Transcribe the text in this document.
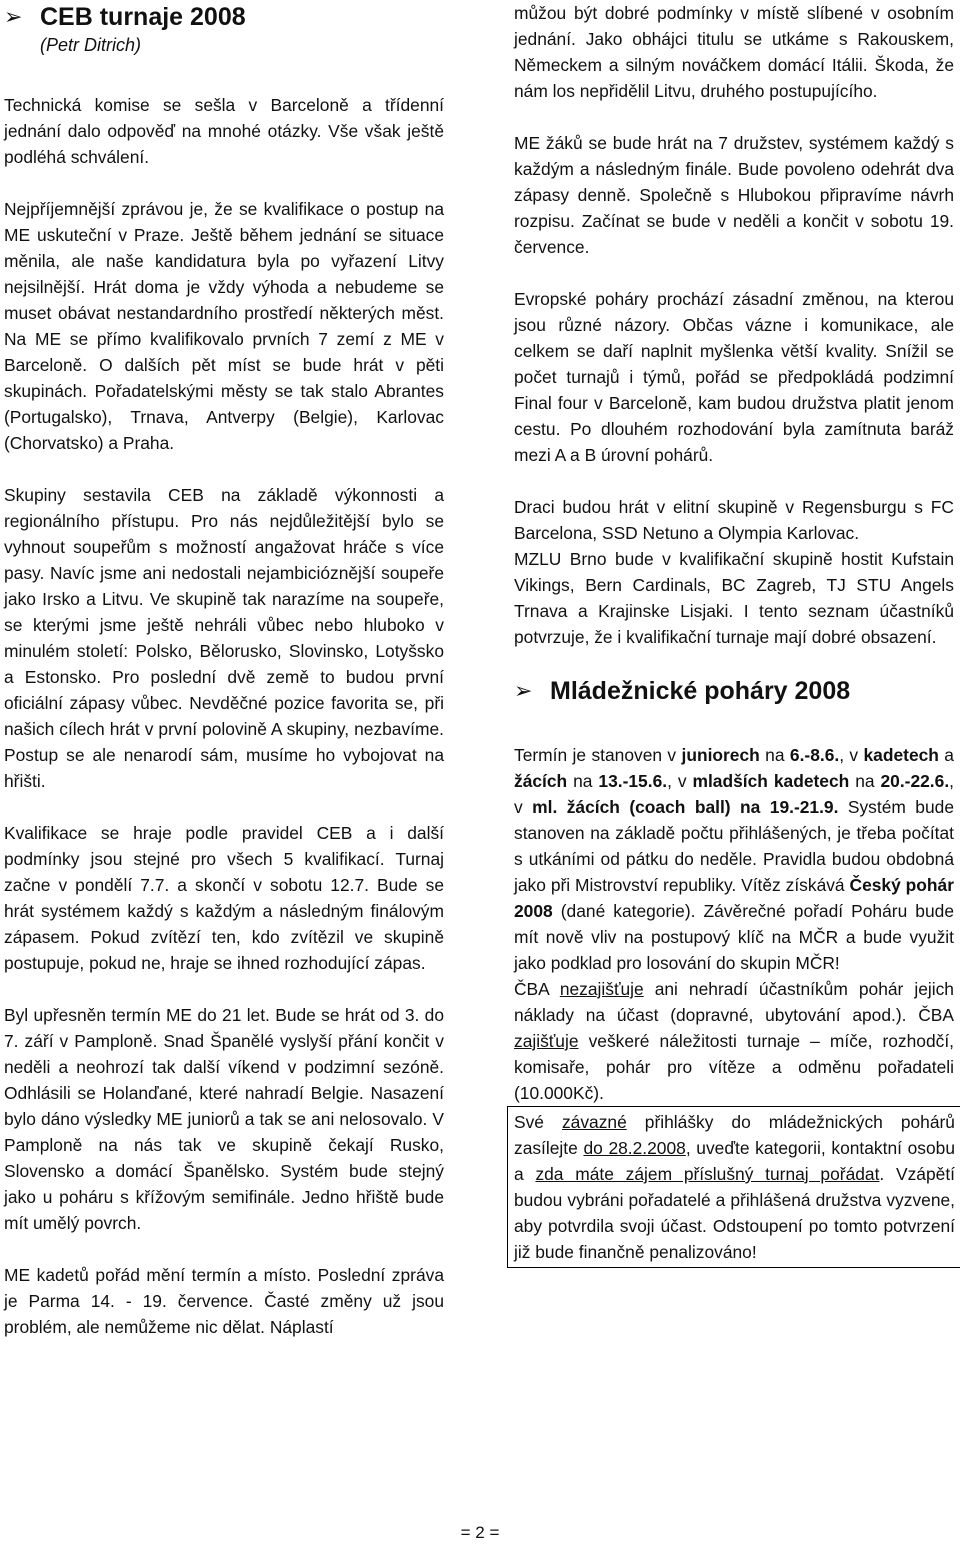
➢ CEB turnaje 2008
(Petr Ditrich)

Technická komise se sešla v Barceloně a třídenní jednání dalo odpověď na mnohé otázky. Vše však ještě podléhá schválení.

Nejpříjemnější zprávou je, že se kvalifikace o postup na ME uskuteční v Praze. Ještě během jednání se situace měnila, ale naše kandidatura byla po vyřazení Litvy nejsilnější. Hrát doma je vždy výhoda a nebudeme se muset obávat nestandardního prostředí některých měst. Na ME se přímo kvalifikovalo prvních 7 zemí z ME v Barceloně. O dalších pět míst se bude hrát v pěti skupinách. Pořadatelskými městy se tak stalo Abrantes (Portugalsko), Trnava, Antverpy (Belgie), Karlovac (Chorvatsko) a Praha.

Skupiny sestavila CEB na základě výkonnosti a regionálního přístupu. Pro nás nejdůležitější bylo se vyhnout soupeřům s možností angažovat hráče s více pasy. Navíc jsme ani nedostali nejambicióznější soupeře jako Irsko a Litvu. Ve skupině tak narazíme na soupeře, se kterými jsme ještě nehráli vůbec nebo hluboko v minulém století: Polsko, Bělorusko, Slovinsko, Lotyšsko a Estonsko. Pro poslední dvě země to budou první oficiální zápasy vůbec. Nevděčné pozice favorita se, při našich cílech hrát v první polovině A skupiny, nezbavíme. Postup se ale nenarodí sám, musíme ho vybojovat na hřišti.

Kvalifikace se hraje podle pravidel CEB a i další podmínky jsou stejné pro všech 5 kvalifikací. Turnaj začne v pondělí 7.7. a skončí v sobotu 12.7. Bude se hrát systémem každý s každým a následným finálovým zápasem. Pokud zvítězí ten, kdo zvítězil ve skupině postupuje, pokud ne, hraje se ihned rozhodující zápas.

Byl upřesněn termín ME do 21 let. Bude se hrát od 3. do 7. září v Pamploně. Snad Španělé vyslyší přání končit v neděli a neohrozí tak další víkend v podzimní sezóně. Odhlásili se Holanďané, které nahradí Belgie. Nasazení bylo dáno výsledky ME juniorů a tak se ani nelosovalo. V Pamploně na nás tak ve skupině čekají Rusko, Slovensko a domácí Španělsko. Systém bude stejný jako u poháru s křížovým semifinále. Jedno hřiště bude mít umělý povrch.

ME kadetů pořád mění termín a místo. Poslední zpráva je Parma 14. - 19. července. Časté změny už jsou problém, ale nemůžeme nic dělat. Náplastí

můžou být dobré podmínky v místě slíbené v osobním jednání. Jako obhájci titulu se utkáme s Rakouskem, Německem a silným nováčkem domácí Itálii. Škoda, že nám los nepřidělil Litvu, druhého postupujícího.

ME žáků se bude hrát na 7 družstev, systémem každý s každým a následným finále. Bude povoleno odehrát dva zápasy denně. Společně s Hlubokou připravíme návrh rozpisu. Začínat se bude v neděli a končit v sobotu 19. července.

Evropské poháry prochází zásadní změnou, na kterou jsou různé názory. Občas vázne i komunikace, ale celkem se daří naplnit myšlenka větší kvality. Snížil se počet turnajů i týmů, pořád se předpokládá podzimní Final four v Barceloně, kam budou družstva platit jenom cestu. Po dlouhém rozhodování byla zamítnuta baráž mezi A a B úrovní pohárů.

Draci budou hrát v elitní skupině v Regensburgu s FC Barcelona, SSD Netuno a Olympia Karlovac.

MZLU Brno bude v kvalifikační skupině hostit Kufstain Vikings, Bern Cardinals, BC Zagreb, TJ STU Angels Trnava a Krajinske Lisjaki. I tento seznam účastníků potvrzuje, že i kvalifikační turnaje mají dobré obsazení.

➢ Mládežnické poháry 2008

Termín je stanoven v juniorech na 6.-8.6., v kadetech a žácích na 13.-15.6., v mladších kadetech na 20.-22.6., v ml. žácích (coach ball) na 19.-21.9. Systém bude stanoven na základě počtu přihlášených, je třeba počítat s utkáními od pátku do neděle. Pravidla budou obdobná jako při Mistrovství republiky. Vítěz získává Český pohár 2008 (dané kategorie). Závěrečné pořadí Poháru bude mít nově vliv na postupový klíč na MČR a bude využit jako podklad pro losování do skupin MČR!

ČBA nezajišťuje ani nehradí účastníkům pohár jejich náklady na účast (dopravné, ubytování apod.). ČBA zajišťuje veškeré náležitosti turnaje – míče, rozhodčí, komisaře, pohár pro vítěze a odměnu pořadateli (10.000Kč).

Své závazné přihlášky do mládežnických pohárů zasílejte do 28.2.2008, uveďte kategorii, kontaktní osobu a zda máte zájem příslušný turnaj pořádat. Vzápětí budou vybráni pořadatelé a přihlášená družstva vyzvene, aby potvrdila svoji účast. Odstoupení po tomto potvrzení již bude finančně penalizováno!
= 2 =
